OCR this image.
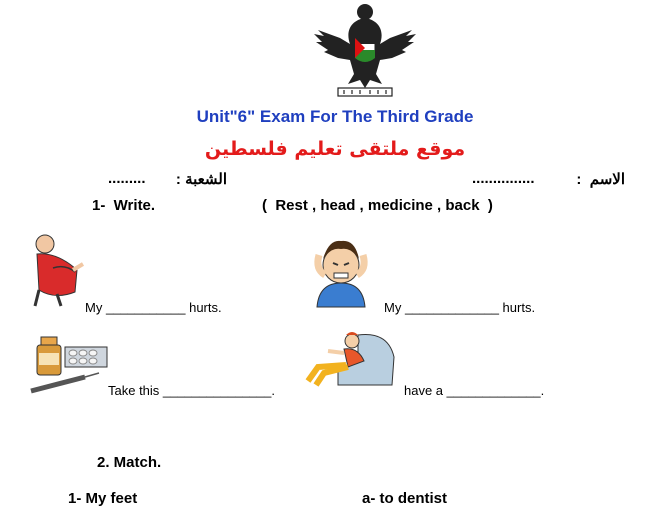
Unit"6" Exam For The Third Grade
موقع ملتقى تعليم فلسطين
الاسم  :
...............
الشعبة :
.........
1-  Write.	(  Rest , head , medicine , back  )
My ___________ hurts.	My _____________ hurts.
Take this _______________.	have a _____________.
2. Match.
1- My feet	a- to dentist
